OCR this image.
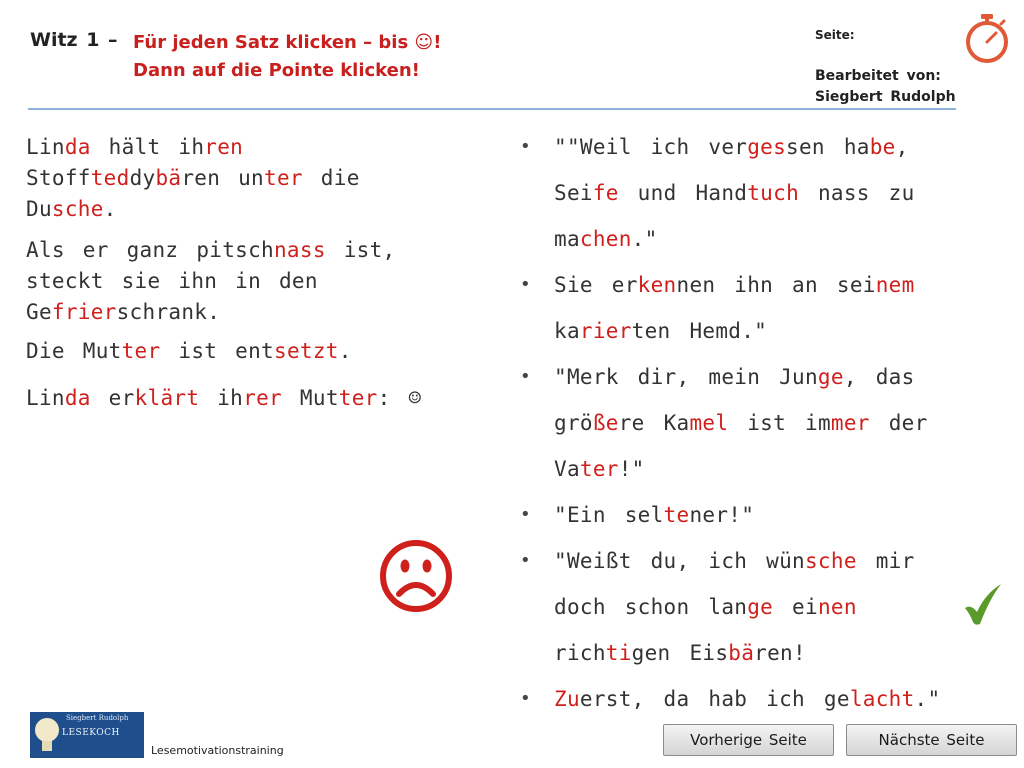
Witz 1 – Für jeden Satz klicken – bis ☺!
Dann auf die Pointe klicken!
Seite:
Bearbeitet von:
Siegbert Rudolph
Linda hält ihren Stoffteddybären unter die Dusche.
Als er ganz pitschnass ist, steckt sie ihn in den Gefrierschrank.
Die Mutter ist entsetzt.
Linda erklärt ihrer Mutter: ☺
• ""Weil ich vergessen habe, Seife und Handtuch nass zu machen."
• Sie erkennen ihn an seinem karierten Hemd."
• "Merk dir, mein Junge, das größere Kamel ist immer der Vater!"
• "Ein seltener!"
• "Weißt du, ich wünsche mir doch schon lange einen richtigen Eisbären!
• Zuerst, da hab ich gelacht."
Siegbert Rudolph
LESEKOCH
Lesemotivationstraining
Vorherige Seite	Nächste Seite
